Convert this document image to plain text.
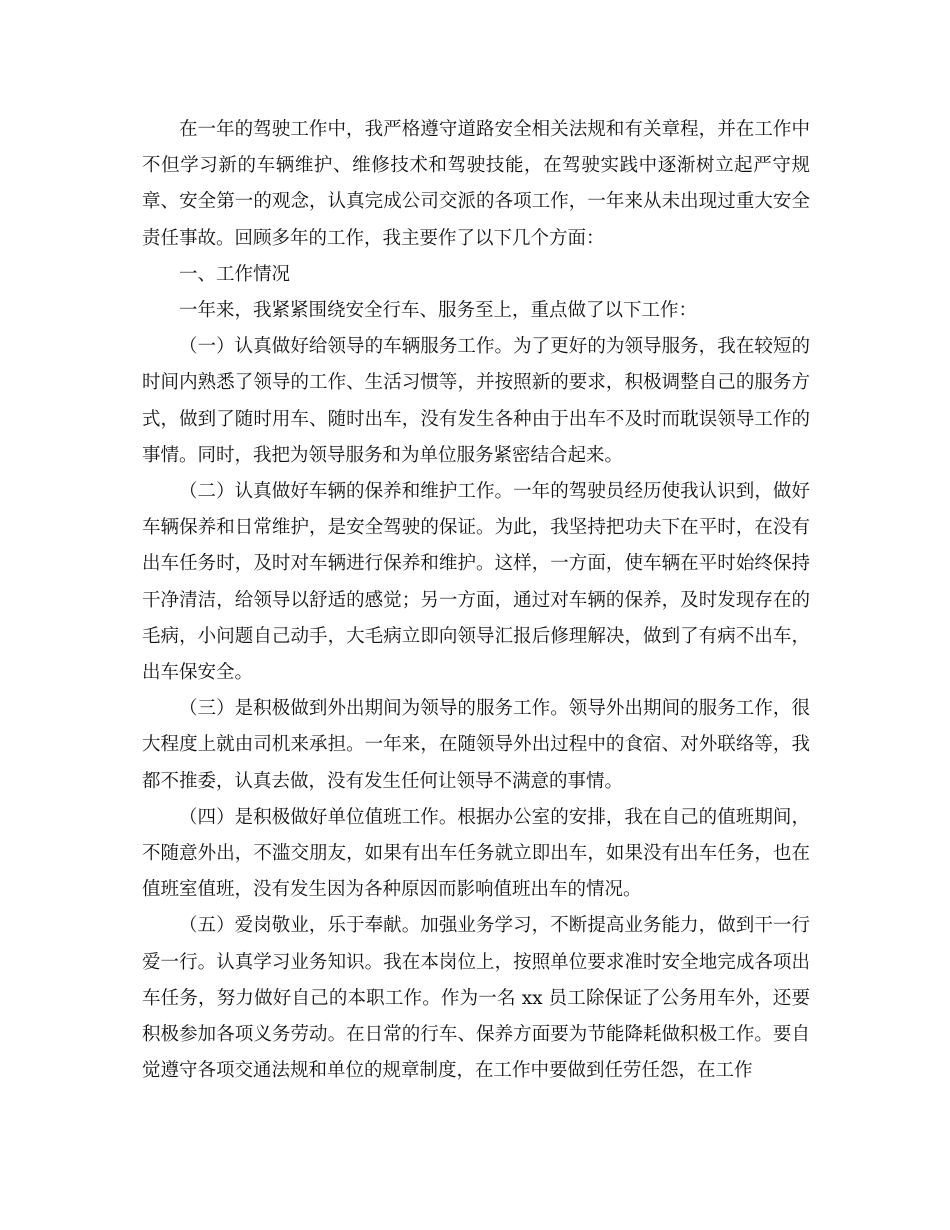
在一年的驾驶工作中，我严格遵守道路安全相关法规和有关章程，并在工作中不但学习新的车辆维护、维修技术和驾驶技能，在驾驶实践中逐渐树立起严守规章、安全第一的观念，认真完成公司交派的各项工作，一年来从未出现过重大安全责任事故。回顾多年的工作，我主要作了以下几个方面：

一、工作情况

一年来，我紧紧围绕安全行车、服务至上，重点做了以下工作：

（一）认真做好给领导的车辆服务工作。为了更好的为领导服务，我在较短的时间内熟悉了领导的工作、生活习惯等，并按照新的要求，积极调整自己的服务方式，做到了随时用车、随时出车，没有发生各种由于出车不及时而耽误领导工作的事情。同时，我把为领导服务和为单位服务紧密结合起来。

（二）认真做好车辆的保养和维护工作。一年的驾驶员经历使我认识到，做好车辆保养和日常维护，是安全驾驶的保证。为此，我坚持把功夫下在平时，在没有出车任务时，及时对车辆进行保养和维护。这样，一方面，使车辆在平时始终保持干净清洁，给领导以舒适的感觉；另一方面，通过对车辆的保养，及时发现存在的毛病，小问题自己动手，大毛病立即向领导汇报后修理解决，做到了有病不出车，出车保安全。

（三）是积极做到外出期间为领导的服务工作。领导外出期间的服务工作，很大程度上就由司机来承担。一年来，在随领导外出过程中的食宿、对外联络等，我都不推委，认真去做，没有发生任何让领导不满意的事情。

（四）是积极做好单位值班工作。根据办公室的安排，我在自己的值班期间，不随意外出，不滥交朋友，如果有出车任务就立即出车，如果没有出车任务，也在值班室值班，没有发生因为各种原因而影响值班出车的情况。

（五）爱岗敬业，乐于奉献。加强业务学习，不断提高业务能力，做到干一行爱一行。认真学习业务知识。我在本岗位上，按照单位要求准时安全地完成各项出车任务，努力做好自己的本职工作。作为一名 xx 员工除保证了公务用车外，还要积极参加各项义务劳动。在日常的行车、保养方面要为节能降耗做积极工作。要自觉遵守各项交通法规和单位的规章制度，在工作中要做到任劳任怨，在工作
